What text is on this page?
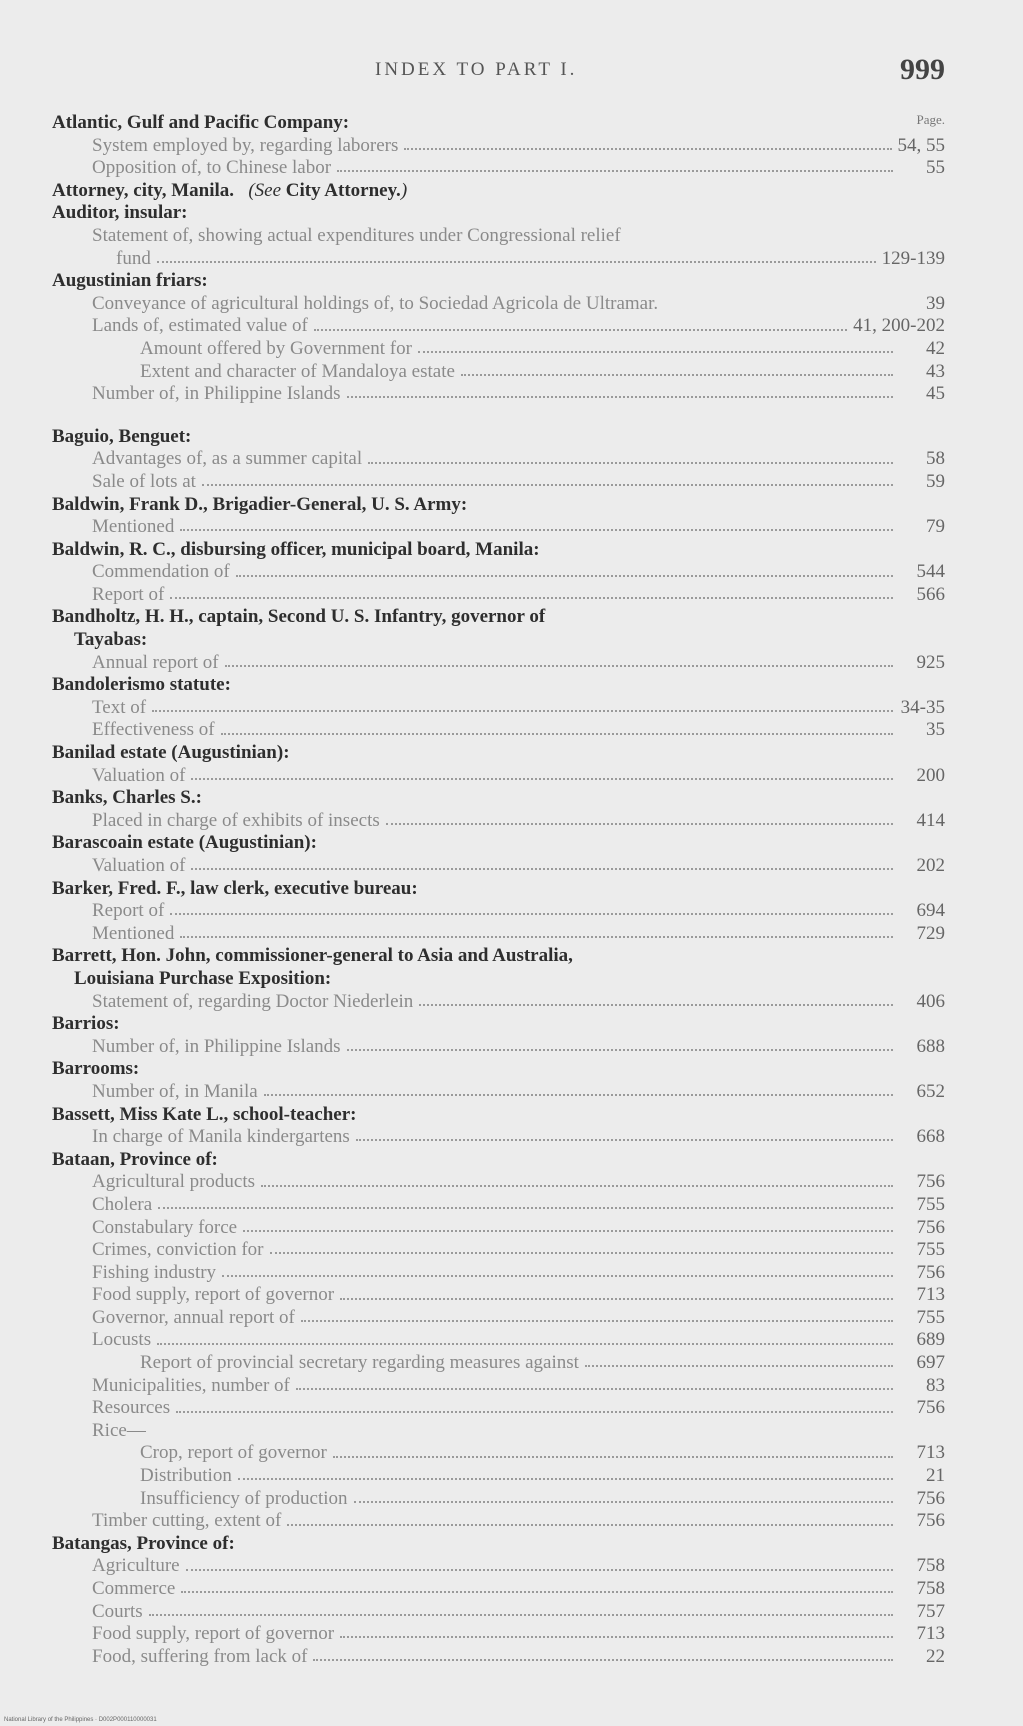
INDEX TO PART I.	999
Page.
Atlantic, Gulf and Pacific Company:
System employed by, regarding laborers	54, 55
Opposition of, to Chinese labor	55
Attorney, city, Manila.
(See
City Attorney. )
Auditor, insular:
Statement of, showing actual expenditures under Congressional relief
fund	129-139
Augustinian friars:
Conveyance of agricultural holdings of, to Sociedad Agricola de Ultramar.	39
Lands of, estimated value of	41, 200-202
Amount offered by Government for	42
Extent and character of Mandaloya estate	43
Number of, in Philippine Islands	45
Baguio, Benguet:
Advantages of, as a summer capital	58
Sale of lots at	59
Baldwin, Frank D., Brigadier-General, U. S. Army:
Mentioned	79
Baldwin, R. C., disbursing officer, municipal board, Manila:
Commendation of	544
Report of	566
Bandholtz, H. H., captain, Second U. S. Infantry, governor of
Tayabas:
Annual report of	925
Bandolerismo statute:
Text of	34-35
Effectiveness of	35
Banilad estate (Augustinian):
Valuation of	200
Banks, Charles S.:
Placed in charge of exhibits of insects	414
Barascoain estate (Augustinian):
Valuation of	202
Barker, Fred. F., law clerk, executive bureau:
Report of	694
Mentioned	729
Barrett, Hon. John, commissioner-general to Asia and Australia,
Louisiana Purchase Exposition:
Statement of, regarding Doctor Niederlein	406
Barrios:
Number of, in Philippine Islands	688
Barrooms:
Number of, in Manila	652
Bassett, Miss Kate L., school-teacher:
In charge of Manila kindergartens	668
Bataan, Province of:
Agricultural products	756
Cholera	755
Constabulary force	756
Crimes, conviction for	755
Fishing industry	756
Food supply, report of governor	713
Governor, annual report of	755
Locusts	689
Report of provincial secretary regarding measures against	697
Municipalities, number of	83
Resources	756
Rice—
Crop, report of governor	713
Distribution	21
Insufficiency of production	756
Timber cutting, extent of	756
Batangas, Province of:
Agriculture	758
Commerce	758
Courts	757
Food supply, report of governor	713
Food, suffering from lack of	22
National Library of the Philippines · D002P000110000031
